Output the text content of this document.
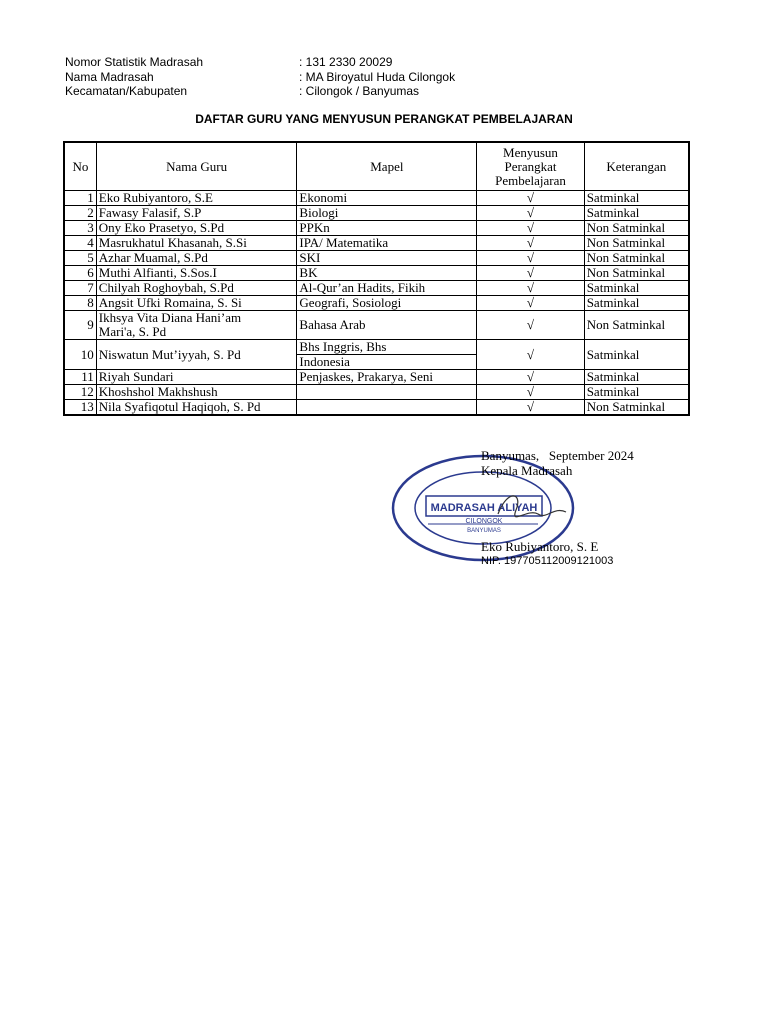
Nomor Statistik Madrasah	: 131 2330 20029
Nama Madrasah	: MA Biroyatul Huda Cilongok
Kecamatan/Kabupaten	: Cilongok / Banyumas
DAFTAR GURU YANG MENYUSUN PERANGKAT PEMBELAJARAN
No	Nama Guru	Mapel	Menyusun
Perangkat
Pembelajaran	Keterangan
1	Eko Rubiyantoro, S.E	Ekonomi	√	Satminkal
2	Fawasy Falasif, S.P	Biologi	√	Satminkal
3	Ony Eko Prasetyo, S.Pd	PPKn	√	Non Satminkal
4	Masrukhatul Khasanah, S.Si	IPA/ Matematika	√	Non Satminkal
5	Azhar Muamal, S.Pd	SKI	√	Non Satminkal
6	Muthi Alfianti, S.Sos.I	BK	√	Non Satminkal
7	Chilyah Roghoybah, S.Pd	Al-Qur’an Hadits, Fikih	√	Satminkal
8	Angsit Ufki Romaina, S. Si	Geografi, Sosiologi	√	Satminkal
9	Ikhsya Vita Diana Hani’am
Mari'a, S. Pd	Bahasa Arab	√	Non Satminkal
10	Niswatun Mut’iyyah, S. Pd	Bhs Inggris, Bhs	√	Satminkal
		Indonesia		
11	Riyah Sundari	Penjaskes, Prakarya, Seni	√	Satminkal
12	Khoshshol Makhshush		√	Satminkal
13	Nila Syafiqotul Haqiqoh, S. Pd		√	Non Satminkal
MADRASAH ALIYAH
CILONGOK
BANYUMAS
Banyumas,   September 2024
Kepala Madrasah
Eko Rubiyantoro, S. E
NIP. 197705112009121003
